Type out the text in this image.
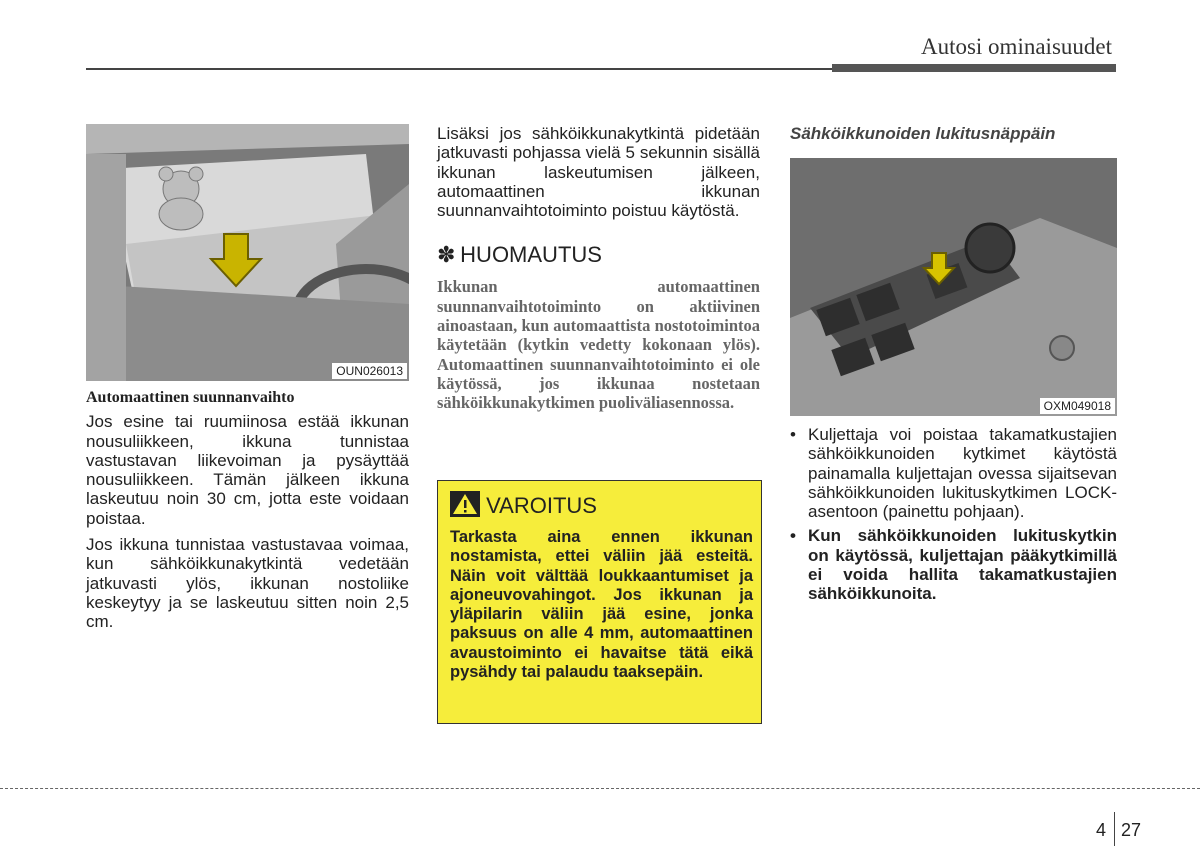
Autosi ominaisuudet
OUN026013
Automaattinen suunnanvaihto

Jos esine tai ruumiinosa estää ikkunan nousuliikkeen, ikkuna tunnistaa vastustavan liikevoiman ja pysäyttää nousuliikkeen. Tämän jälkeen ikkuna laskeutuu noin 30 cm, jotta este voidaan poistaa.

Jos ikkuna tunnistaa vastustavaa voimaa, kun sähköikkunakytkintä vedetään jatkuvasti ylös, ikkunan nostoliike keskeytyy ja se laskeutuu sitten noin 2,5 cm.

Lisäksi jos sähköikkunakytkintä pidetään jatkuvasti pohjassa vielä 5 sekunnin sisällä ikkunan laskeutumisen jälkeen, automaattinen ikkunan suunnanvaihtotoiminto poistuu käytöstä.

✽ HUOMAUTUS

Ikkunan automaattinen suunnanvaihtotoiminto on aktiivinen ainoastaan, kun automaattista nostotoimintoa käytetään (kytkin vedetty kokonaan ylös). Automaattinen suunnanvaihtotoiminto ei ole käytössä, jos ikkunaa nostetaan sähköikkunakytkimen puoliväliasennossa.

VAROITUS
Tarkasta aina ennen ikkunan nostamista, ettei väliin jää esteitä. Näin voit välttää loukkaantumiset ja ajoneuvovahingot. Jos ikkunan ja yläpilarin väliin jää esine, jonka paksuus on alle 4 mm, automaattinen avaustoiminto ei havaitse tätä eikä pysähdy tai palaudu taaksepäin.
Sähköikkunoiden lukitusnäppäin
OXM049018
• Kuljettaja voi poistaa takamatkustajien sähköikkunoiden kytkimet käytöstä painamalla kuljettajan ovessa sijaitsevan sähköikkunoiden lukituskytkimen LOCK-asentoon (painettu pohjaan).
• Kun sähköikkunoiden lukituskytkin on käytössä, kuljettajan pääkytkimillä ei voida hallita takamatkustajien sähköikkunoita.
4 27
